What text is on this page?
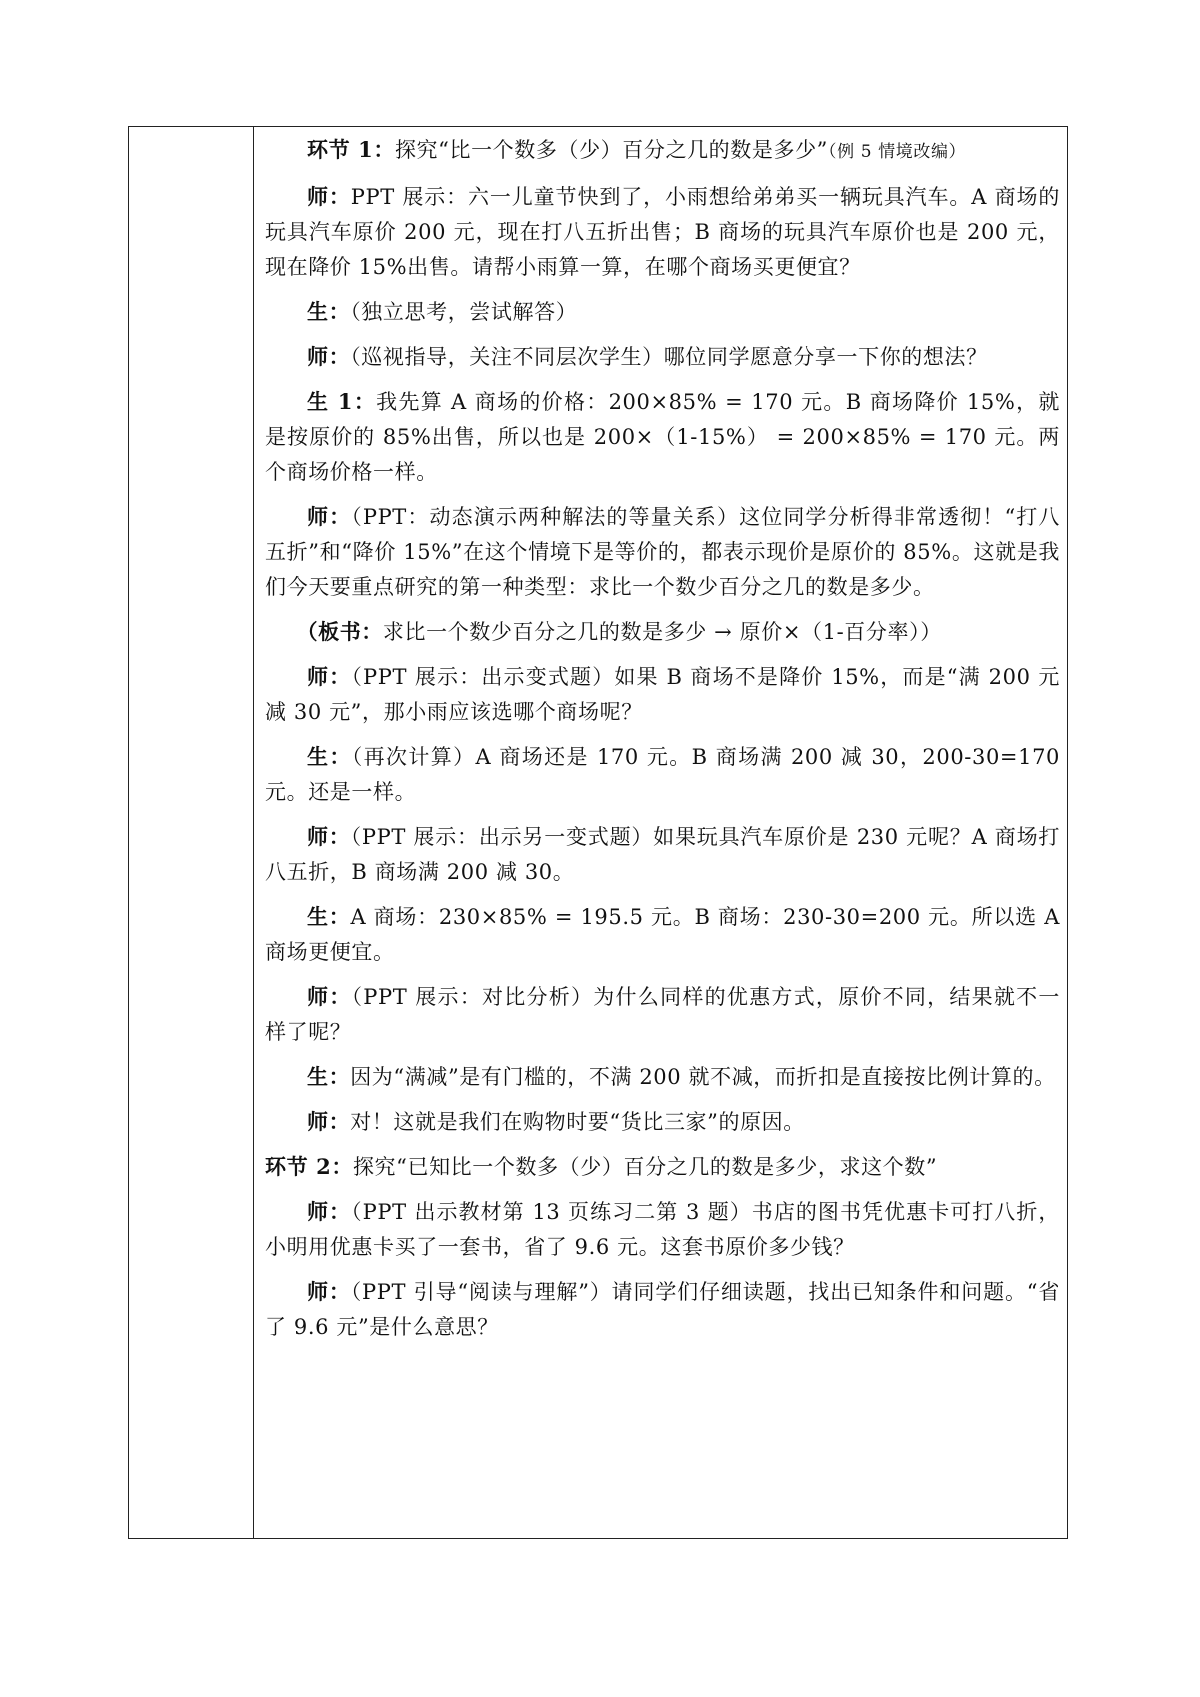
环节 1：探究“比一个数多（少）百分之几的数是多少”（例 5 情境改编）

师：PPT 展示：六一儿童节快到了，小雨想给弟弟买一辆玩具汽车。A 商场的玩具汽车原价 200 元，现在打八五折出售；B 商场的玩具汽车原价也是 200 元，现在降价 15%出售。请帮小雨算一算，在哪个商场买更便宜？

生：（独立思考，尝试解答）

师：（巡视指导，关注不同层次学生）哪位同学愿意分享一下你的想法？

生 1：我先算 A 商场的价格：200×85% = 170 元。B 商场降价 15%，就是按原价的 85%出售，所以也是 200×（1-15%） = 200×85% = 170 元。两个商场价格一样。

师：（PPT：动态演示两种解法的等量关系）这位同学分析得非常透彻！“打八五折”和“降价 15%”在这个情境下是等价的，都表示现价是原价的 85%。这就是我们今天要重点研究的第一种类型：求比一个数少百分之几的数是多少。

（板书：求比一个数少百分之几的数是多少 → 原价×（1-百分率））

师：（PPT 展示：出示变式题）如果 B 商场不是降价 15%，而是“满 200 元减 30 元”，那小雨应该选哪个商场呢？

生：（再次计算）A 商场还是 170 元。B 商场满 200 减 30，200-30=170 元。还是一样。

师：（PPT 展示：出示另一变式题）如果玩具汽车原价是 230 元呢？A 商场打八五折，B 商场满 200 减 30。

生：A 商场：230×85% = 195.5 元。B 商场：230-30=200 元。所以选 A 商场更便宜。

师：（PPT 展示：对比分析）为什么同样的优惠方式，原价不同，结果就不一样了呢？

生：因为“满减”是有门槛的，不满 200 就不减，而折扣是直接按比例计算的。

师：对！这就是我们在购物时要“货比三家”的原因。

环节 2：探究“已知比一个数多（少）百分之几的数是多少，求这个数”

师：（PPT 出示教材第 13 页练习二第 3 题）书店的图书凭优惠卡可打八折，小明用优惠卡买了一套书，省了 9.6 元。这套书原价多少钱？

师：（PPT 引导“阅读与理解”）请同学们仔细读题，找出已知条件和问题。“省了 9.6 元”是什么意思？
